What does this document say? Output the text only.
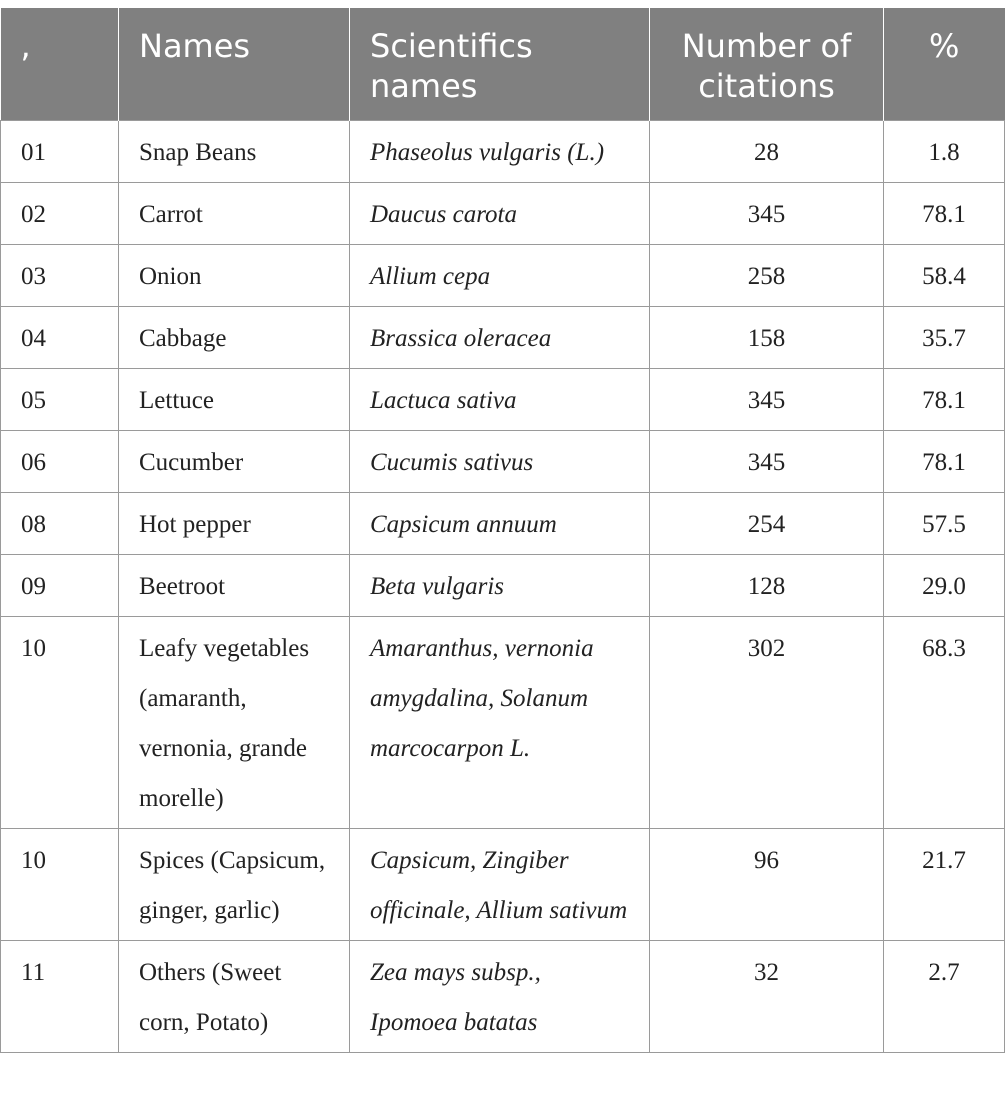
,	Names	Scientifics names	Number of citations	%
01	Snap Beans	Phaseolus vulgaris (L.)	28	1.8
02	Carrot	Daucus carota	345	78.1
03	Onion	Allium cepa	258	58.4
04	Cabbage	Brassica oleracea	158	35.7
05	Lettuce	Lactuca sativa	345	78.1
06	Cucumber	Cucumis sativus	345	78.1
08	Hot pepper	Capsicum annuum	254	57.5
09	Beetroot	Beta vulgaris	128	29.0
10	Leafy vegetables (amaranth, vernonia, grande morelle)	Amaranthus, vernonia amygdalina, Solanum marcocarpon L.	302	68.3
10	Spices (Capsicum, ginger, garlic)	Capsicum, Zingiber officinale, Allium sativum	96	21.7
11	Others (Sweet corn, Potato)	Zea mays subsp., Ipomoea batatas	32	2.7
